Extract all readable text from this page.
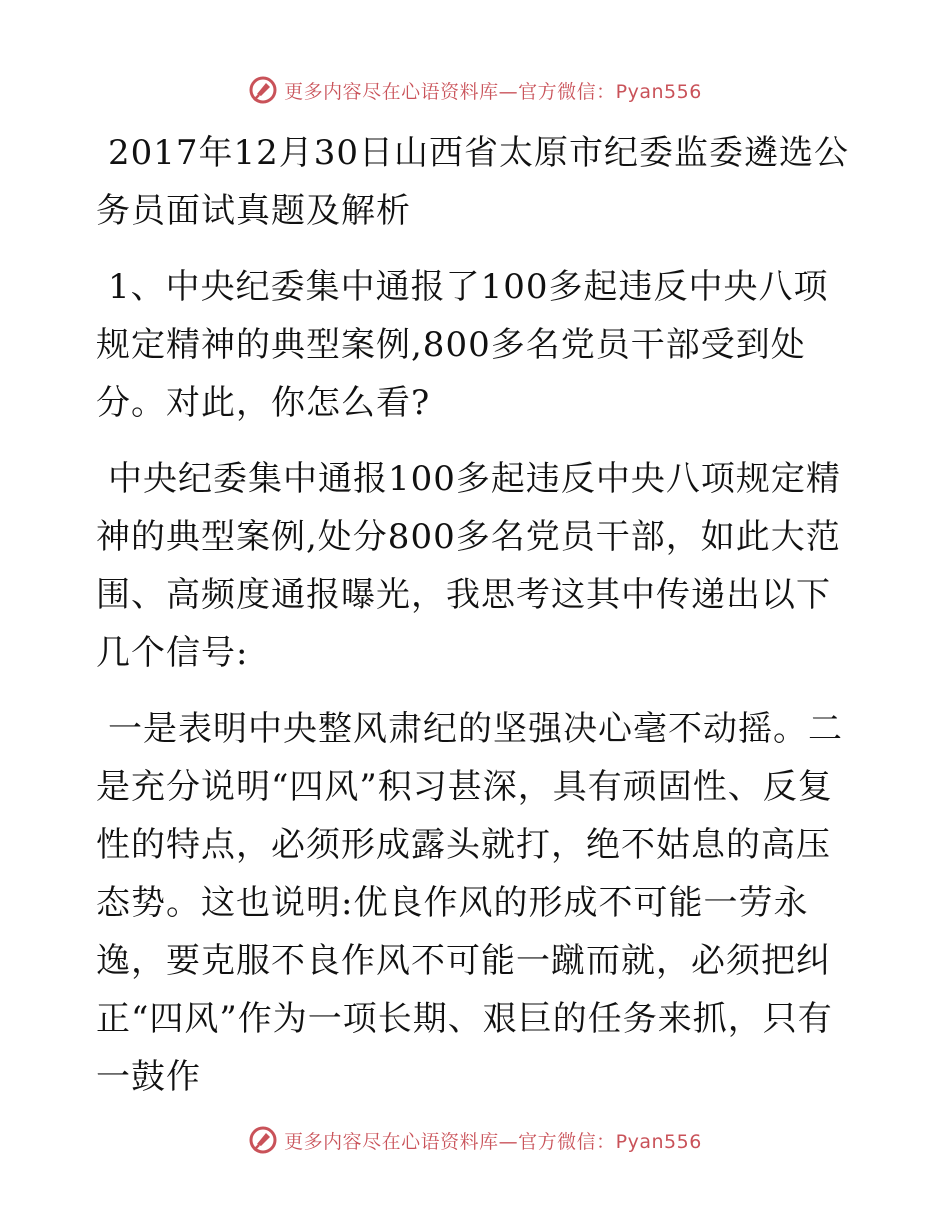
更多内容尽在心语资料库—官方微信：Pyan556

2017年12月30日山西省太原市纪委监委遴选公务员面试真题及解析

1、中央纪委集中通报了100多起违反中央八项规定精神的典型案例,800多名党员干部受到处分。对此，你怎么看?

中央纪委集中通报100多起违反中央八项规定精神的典型案例,处分800多名党员干部，如此大范围、高频度通报曝光，我思考这其中传递出以下几个信号:

一是表明中央整风肃纪的坚强决心毫不动摇。二是充分说明“四风”积习甚深，具有顽固性、反复性的特点，必须形成露头就打，绝不姑息的高压态势。这也说明:优良作风的形成不可能一劳永逸，要克服不良作风不可能一蹴而就，必须把纠正“四风”作为一项长期、艰巨的任务来抓，只有一鼓作

更多内容尽在心语资料库—官方微信：Pyan556
